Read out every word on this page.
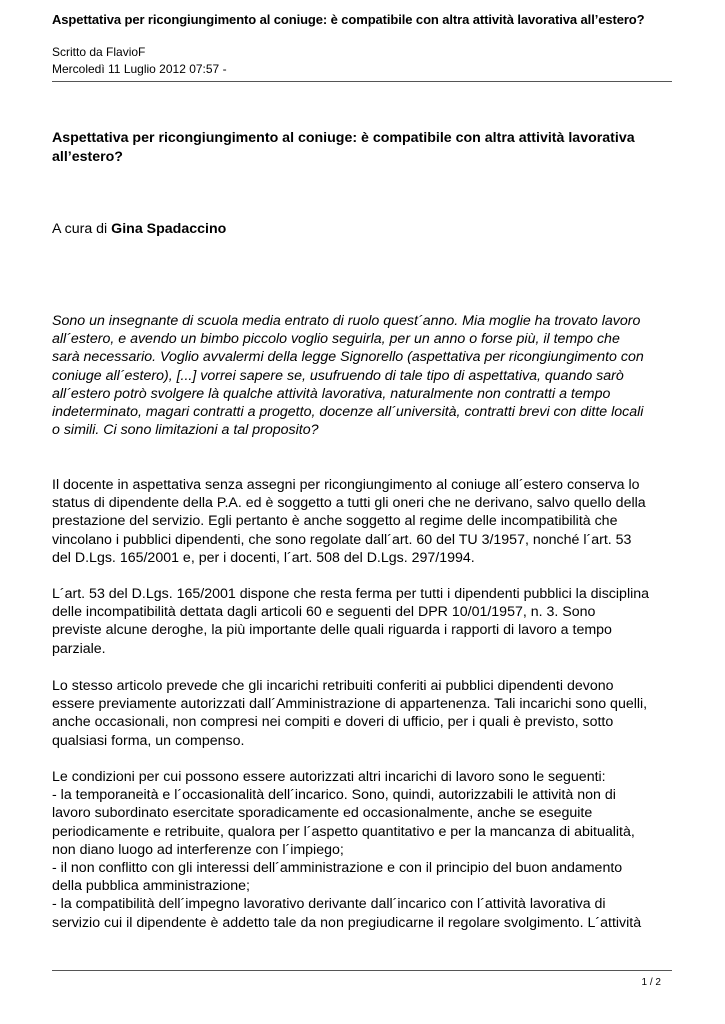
Aspettativa per ricongiungimento al coniuge: è compatibile con altra attività lavorativa all’estero?
Scritto da FlavioF
Mercoledì 11 Luglio 2012 07:57 -
Aspettativa per ricongiungimento al coniuge: è compatibile con altra attività lavorativa all’estero?
A cura di Gina Spadaccino
Sono un insegnante di scuola media entrato di ruolo quest´anno. Mia moglie ha trovato lavoro
all´estero, e avendo un bimbo piccolo voglio seguirla, per un anno o forse più, il tempo che
sarà necessario. Voglio avvalermi della legge Signorello (aspettativa per ricongiungimento con
coniuge all´estero), [...] vorrei sapere se, usufruendo di tale tipo di aspettativa, quando sarò
all´estero potrò svolgere là qualche attività lavorativa, naturalmente non contratti a tempo
indeterminato, magari contratti a progetto, docenze all´università, contratti brevi con ditte locali
o simili. Ci sono limitazioni a tal proposito?
Il docente in aspettativa senza assegni per ricongiungimento al coniuge all´estero conserva lo
status di dipendente della P.A. ed è soggetto a tutti gli oneri che ne derivano, salvo quello della
prestazione del servizio. Egli pertanto è anche soggetto al regime delle incompatibilità che
vincolano i pubblici dipendenti, che sono regolate dall´art. 60 del TU 3/1957, nonché l´art. 53
del D.Lgs. 165/2001 e, per i docenti, l´art. 508 del D.Lgs. 297/1994.
L´art. 53 del D.Lgs. 165/2001 dispone che resta ferma per tutti i dipendenti pubblici la disciplina
delle incompatibilità dettata dagli articoli 60 e seguenti del DPR 10/01/1957, n. 3. Sono
previste alcune deroghe, la più importante delle quali riguarda i rapporti di lavoro a tempo
parziale.
Lo stesso articolo prevede che gli incarichi retribuiti conferiti ai pubblici dipendenti devono
essere previamente autorizzati dall´Amministrazione di appartenenza. Tali incarichi sono quelli,
anche occasionali, non compresi nei compiti e doveri di ufficio, per i quali è previsto, sotto
qualsiasi forma, un compenso.
Le condizioni per cui possono essere autorizzati altri incarichi di lavoro sono le seguenti:
- la temporaneità e l´occasionalità dell´incarico. Sono, quindi, autorizzabili le attività non di
lavoro subordinato esercitate sporadicamente ed occasionalmente, anche se eseguite
periodicamente e retribuite, qualora per l´aspetto quantitativo e per la mancanza di abitualità,
non diano luogo ad interferenze con l´impiego;
- il non conflitto con gli interessi dell´amministrazione e con il principio del buon andamento
della pubblica amministrazione;
- la compatibilità dell´impegno lavorativo derivante dall´incarico con l´attività lavorativa di
servizio cui il dipendente è addetto tale da non pregiudicarne il regolare svolgimento. L´attività
1 / 2
